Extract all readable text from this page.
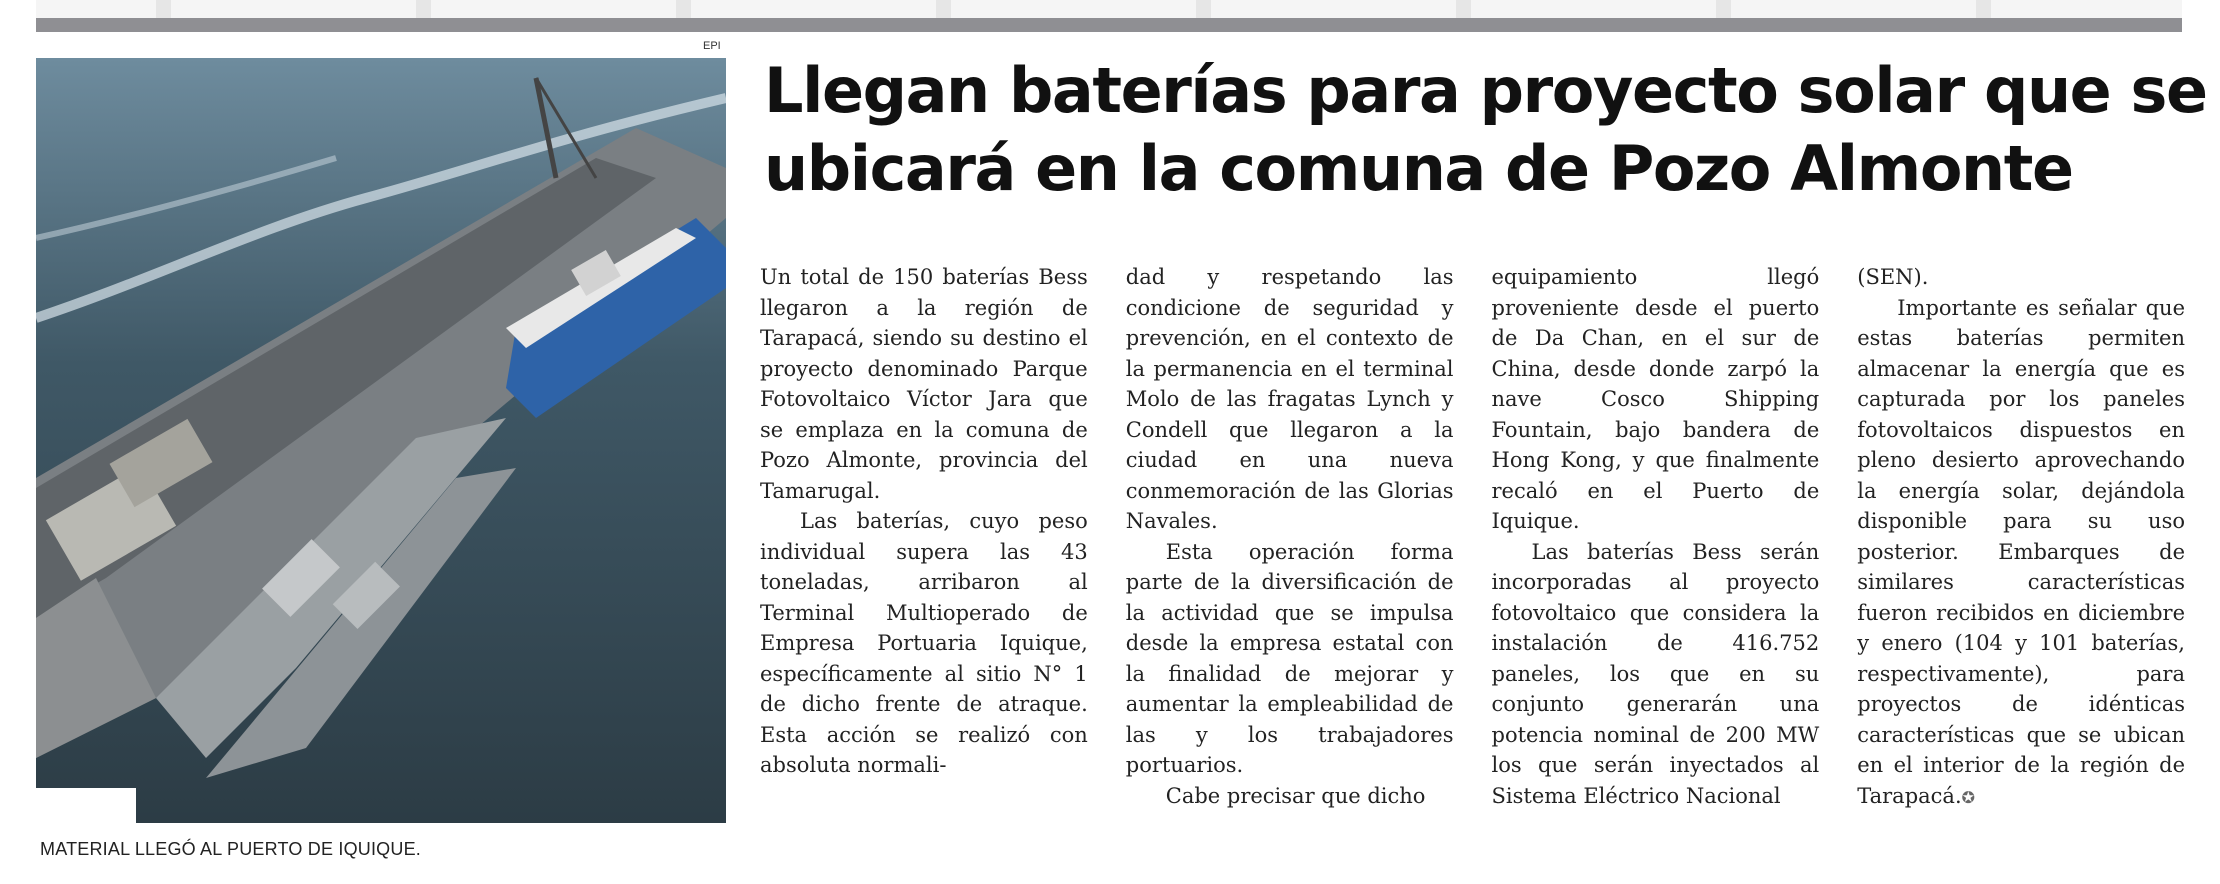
EPI
MATERIAL LLEGÓ AL PUERTO DE IQUIQUE.
Llegan baterías para proyecto solar que se
ubicará en la comuna de Pozo Almonte

Un total de 150 baterías Bess llegaron a la región de Tarapacá, siendo su destino el proyecto denominado Parque Fotovoltaico Víctor Jara que se emplaza en la comuna de Pozo Almonte, provincia del Tamarugal.

Las baterías, cuyo peso individual supera las 43 toneladas, arribaron al Terminal Multioperado de Empresa Portuaria Iquique, específicamente al sitio N° 1 de dicho frente de atraque. Esta acción se realizó con absoluta normali-

dad y respetando las condicione de seguridad y prevención, en el contexto de la permanencia en el terminal Molo de las fragatas Lynch y Condell que llegaron a la ciudad en una nueva conmemoración de las Glorias Navales.

Esta operación forma parte de la diversificación de la actividad que se impulsa desde la empresa estatal con la finalidad de mejorar y aumentar la empleabilidad de las y los trabajadores portuarios.

Cabe precisar que dicho

equipamiento llegó proveniente desde el puerto de Da Chan, en el sur de China, desde donde zarpó la nave Cosco Shipping Fountain, bajo bandera de Hong Kong, y que finalmente recaló en el Puerto de Iquique.

Las baterías Bess serán incorporadas al proyecto fotovoltaico que considera la instalación de 416.752 paneles, los que en su conjunto generarán una potencia nominal de 200 MW los que serán inyectados al Sistema Eléctrico Nacional

(SEN).

Importante es señalar que estas baterías permiten almacenar la energía que es capturada por los paneles fotovoltaicos dispuestos en pleno desierto aprovechando la energía solar, dejándola disponible para su uso posterior. Embarques de similares características fueron recibidos en diciembre y enero (104 y 101 baterías, respectivamente), para proyectos de idénticas características que se ubican en el interior de la región de Tarapacá.✪
